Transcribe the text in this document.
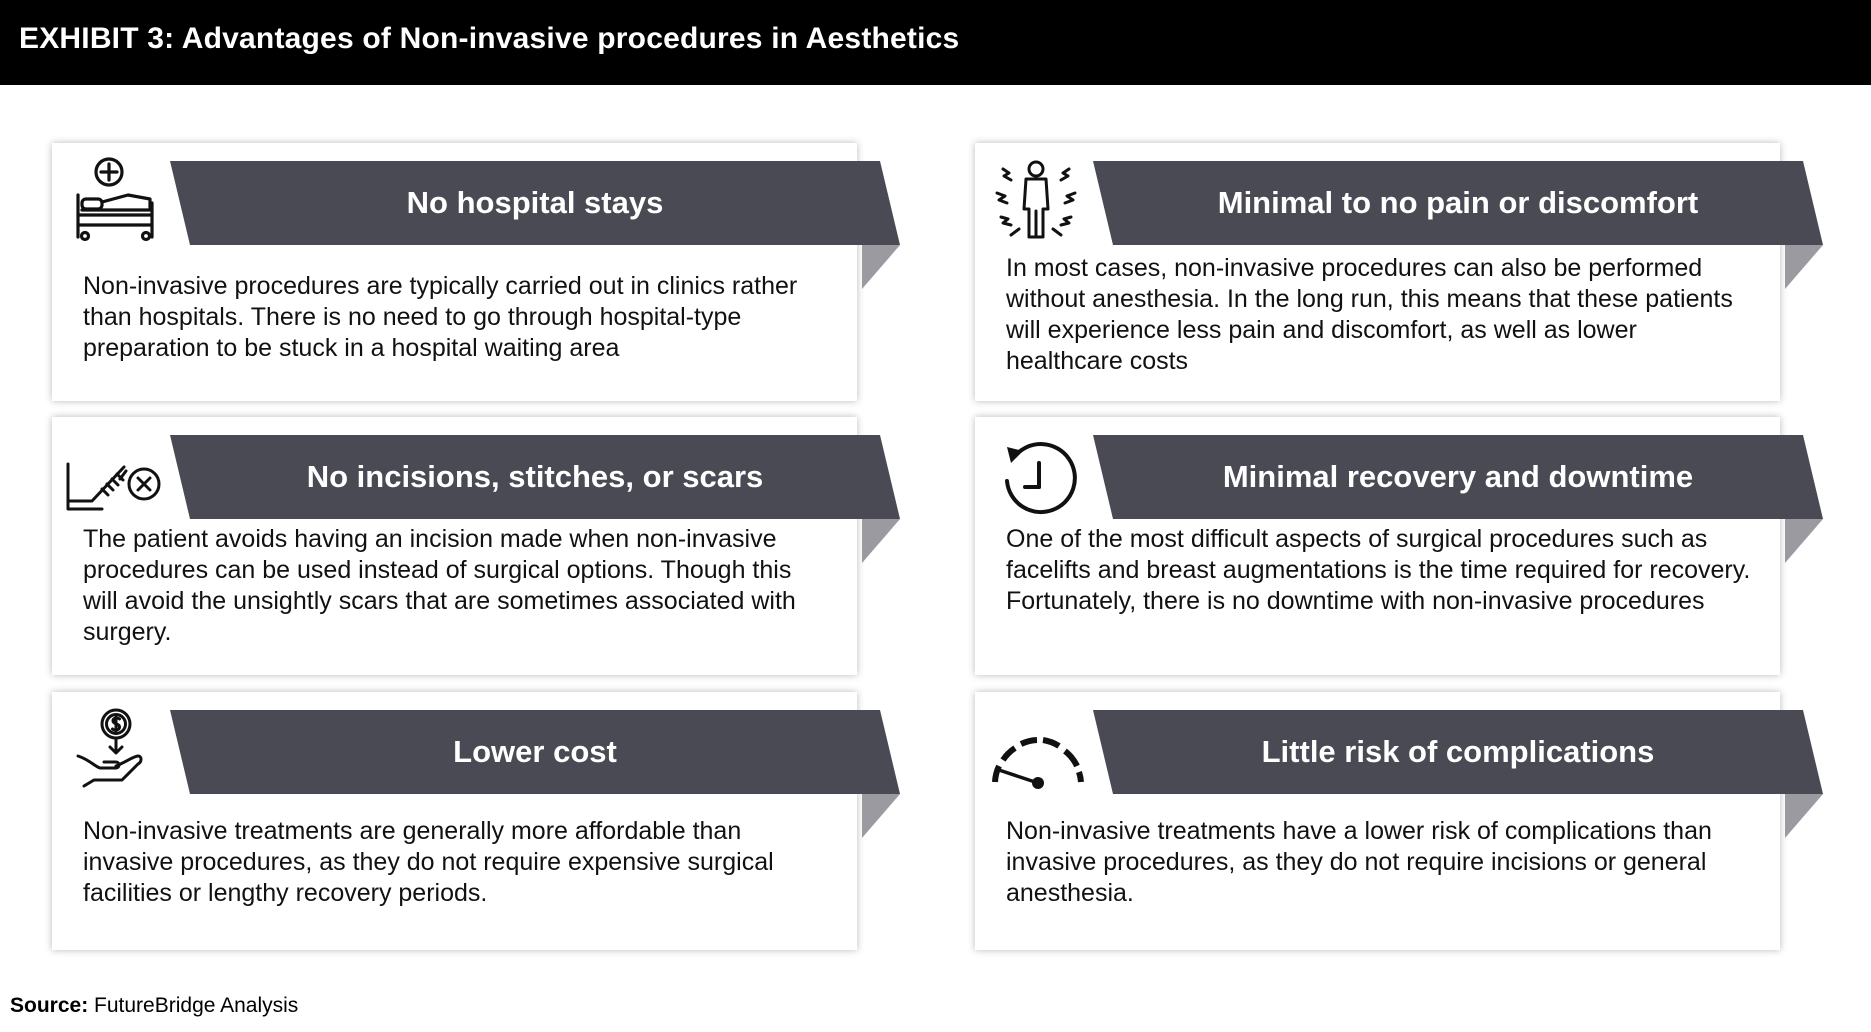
EXHIBIT 3: Advantages of Non-invasive procedures in Aesthetics
No hospital stays
Non-invasive procedures are typically carried out in clinics rather than hospitals. There is no need to go through hospital-type preparation to be stuck in a hospital waiting area
Minimal to no pain or discomfort
In most cases, non-invasive procedures can also be performed without anesthesia. In the long run, this means that these patients will experience less pain and discomfort, as well as lower healthcare costs
No incisions, stitches, or scars
The patient avoids having an incision made when non-invasive procedures can be used instead of surgical options. Though this will avoid the unsightly scars that are sometimes associated with surgery.
Minimal recovery and downtime
One of the most difficult aspects of surgical procedures such as facelifts and breast augmentations is the time required for recovery. Fortunately, there is no downtime with non-invasive procedures
Lower cost
Non-invasive treatments are generally more affordable than invasive procedures, as they do not require expensive surgical facilities or lengthy recovery periods.
Little risk of complications
Non-invasive treatments have a lower risk of complications than invasive procedures, as they do not require incisions or general anesthesia.
Source: FutureBridge Analysis
